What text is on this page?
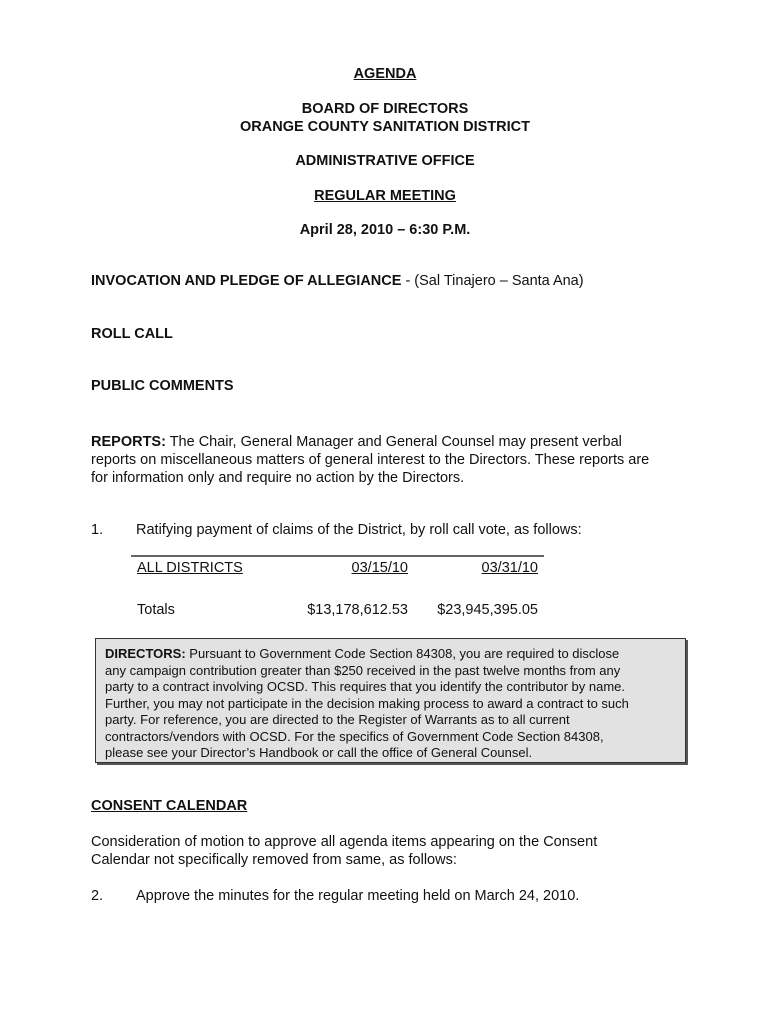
AGENDA
BOARD OF DIRECTORS
ORANGE COUNTY SANITATION DISTRICT
ADMINISTRATIVE OFFICE
REGULAR MEETING
April 28, 2010 – 6:30 P.M.
INVOCATION AND PLEDGE OF ALLEGIANCE - (Sal Tinajero – Santa Ana)
ROLL CALL
PUBLIC COMMENTS
REPORTS: The Chair, General Manager and General Counsel may present verbal
reports on miscellaneous matters of general interest to the Directors. These reports are
for information only and require no action by the Directors.
1. Ratifying payment of claims of the District, by roll call vote, as follows:
ALL DISTRICTS	03/15/10	03/31/10
Totals	$13,178,612.53 $23,945,395.05
DIRECTORS: Pursuant to Government Code Section 84308, you are required to disclose
any campaign contribution greater than $250 received in the past twelve months from any
party to a contract involving OCSD. This requires that you identify the contributor by name.
Further, you may not participate in the decision making process to award a contract to such
party. For reference, you are directed to the Register of Warrants as to all current
contractors/vendors with OCSD. For the specifics of Government Code Section 84308,
please see your Director’s Handbook or call the office of General Counsel.
CONSENT CALENDAR
Consideration of motion to approve all agenda items appearing on the Consent
Calendar not specifically removed from same, as follows:
2. Approve the minutes for the regular meeting held on March 24, 2010.
